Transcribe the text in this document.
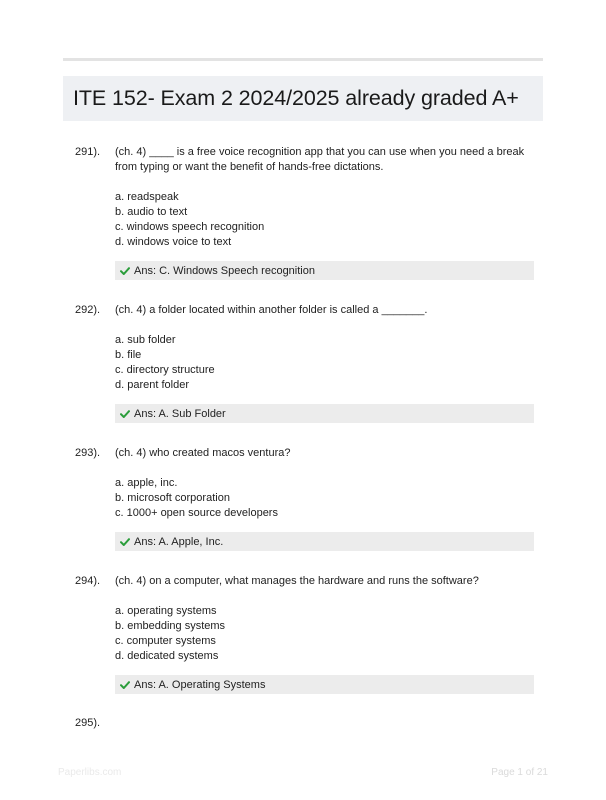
ITE 152- Exam 2 2024/2025 already graded A+
291). (ch. 4) ____ is a free voice recognition app that you can use when you need a break from typing or want the benefit of hands-free dictations.

a. readspeak
b. audio to text
c. windows speech recognition
d. windows voice to text
Ans: C. Windows Speech recognition
292). (ch. 4) a folder located within another folder is called a _______.

a. sub folder
b. file
c. directory structure
d. parent folder
Ans: A. Sub Folder
293). (ch. 4) who created macos ventura?

a. apple, inc.
b. microsoft corporation
c. 1000+ open source developers
Ans: A. Apple, Inc.
294). (ch. 4) on a computer, what manages the hardware and runs the software?

a. operating systems
b. embedding systems
c. computer systems
d. dedicated systems
Ans: A. Operating Systems
295).
Paperlibs.com	Page 1 of 21
